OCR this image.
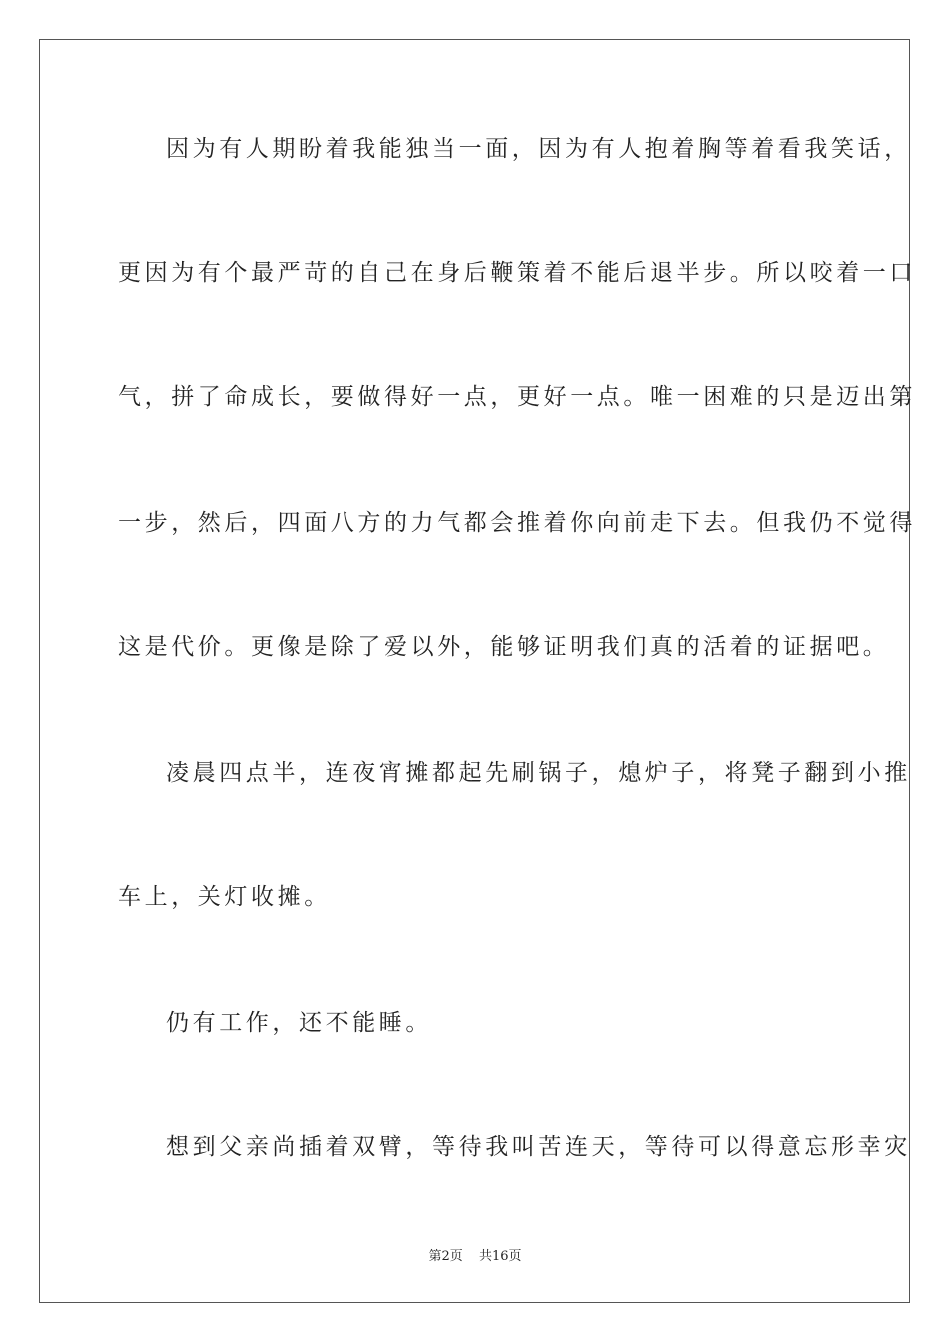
因为有人期盼着我能独当一面，因为有人抱着胸等着看我笑话，
更因为有个最严苛的自己在身后鞭策着不能后退半步。所以咬着一口
气，拼了命成长，要做得好一点，更好一点。唯一困难的只是迈出第
一步，然后，四面八方的力气都会推着你向前走下去。但我仍不觉得
这是代价。更像是除了爱以外，能够证明我们真的活着的证据吧。
凌晨四点半，连夜宵摊都起先刷锅子，熄炉子，将凳子翻到小推
车上，关灯收摊。
仍有工作，还不能睡。
想到父亲尚插着双臂，等待我叫苦连天，等待可以得意忘形幸灾
第2页 共16页
